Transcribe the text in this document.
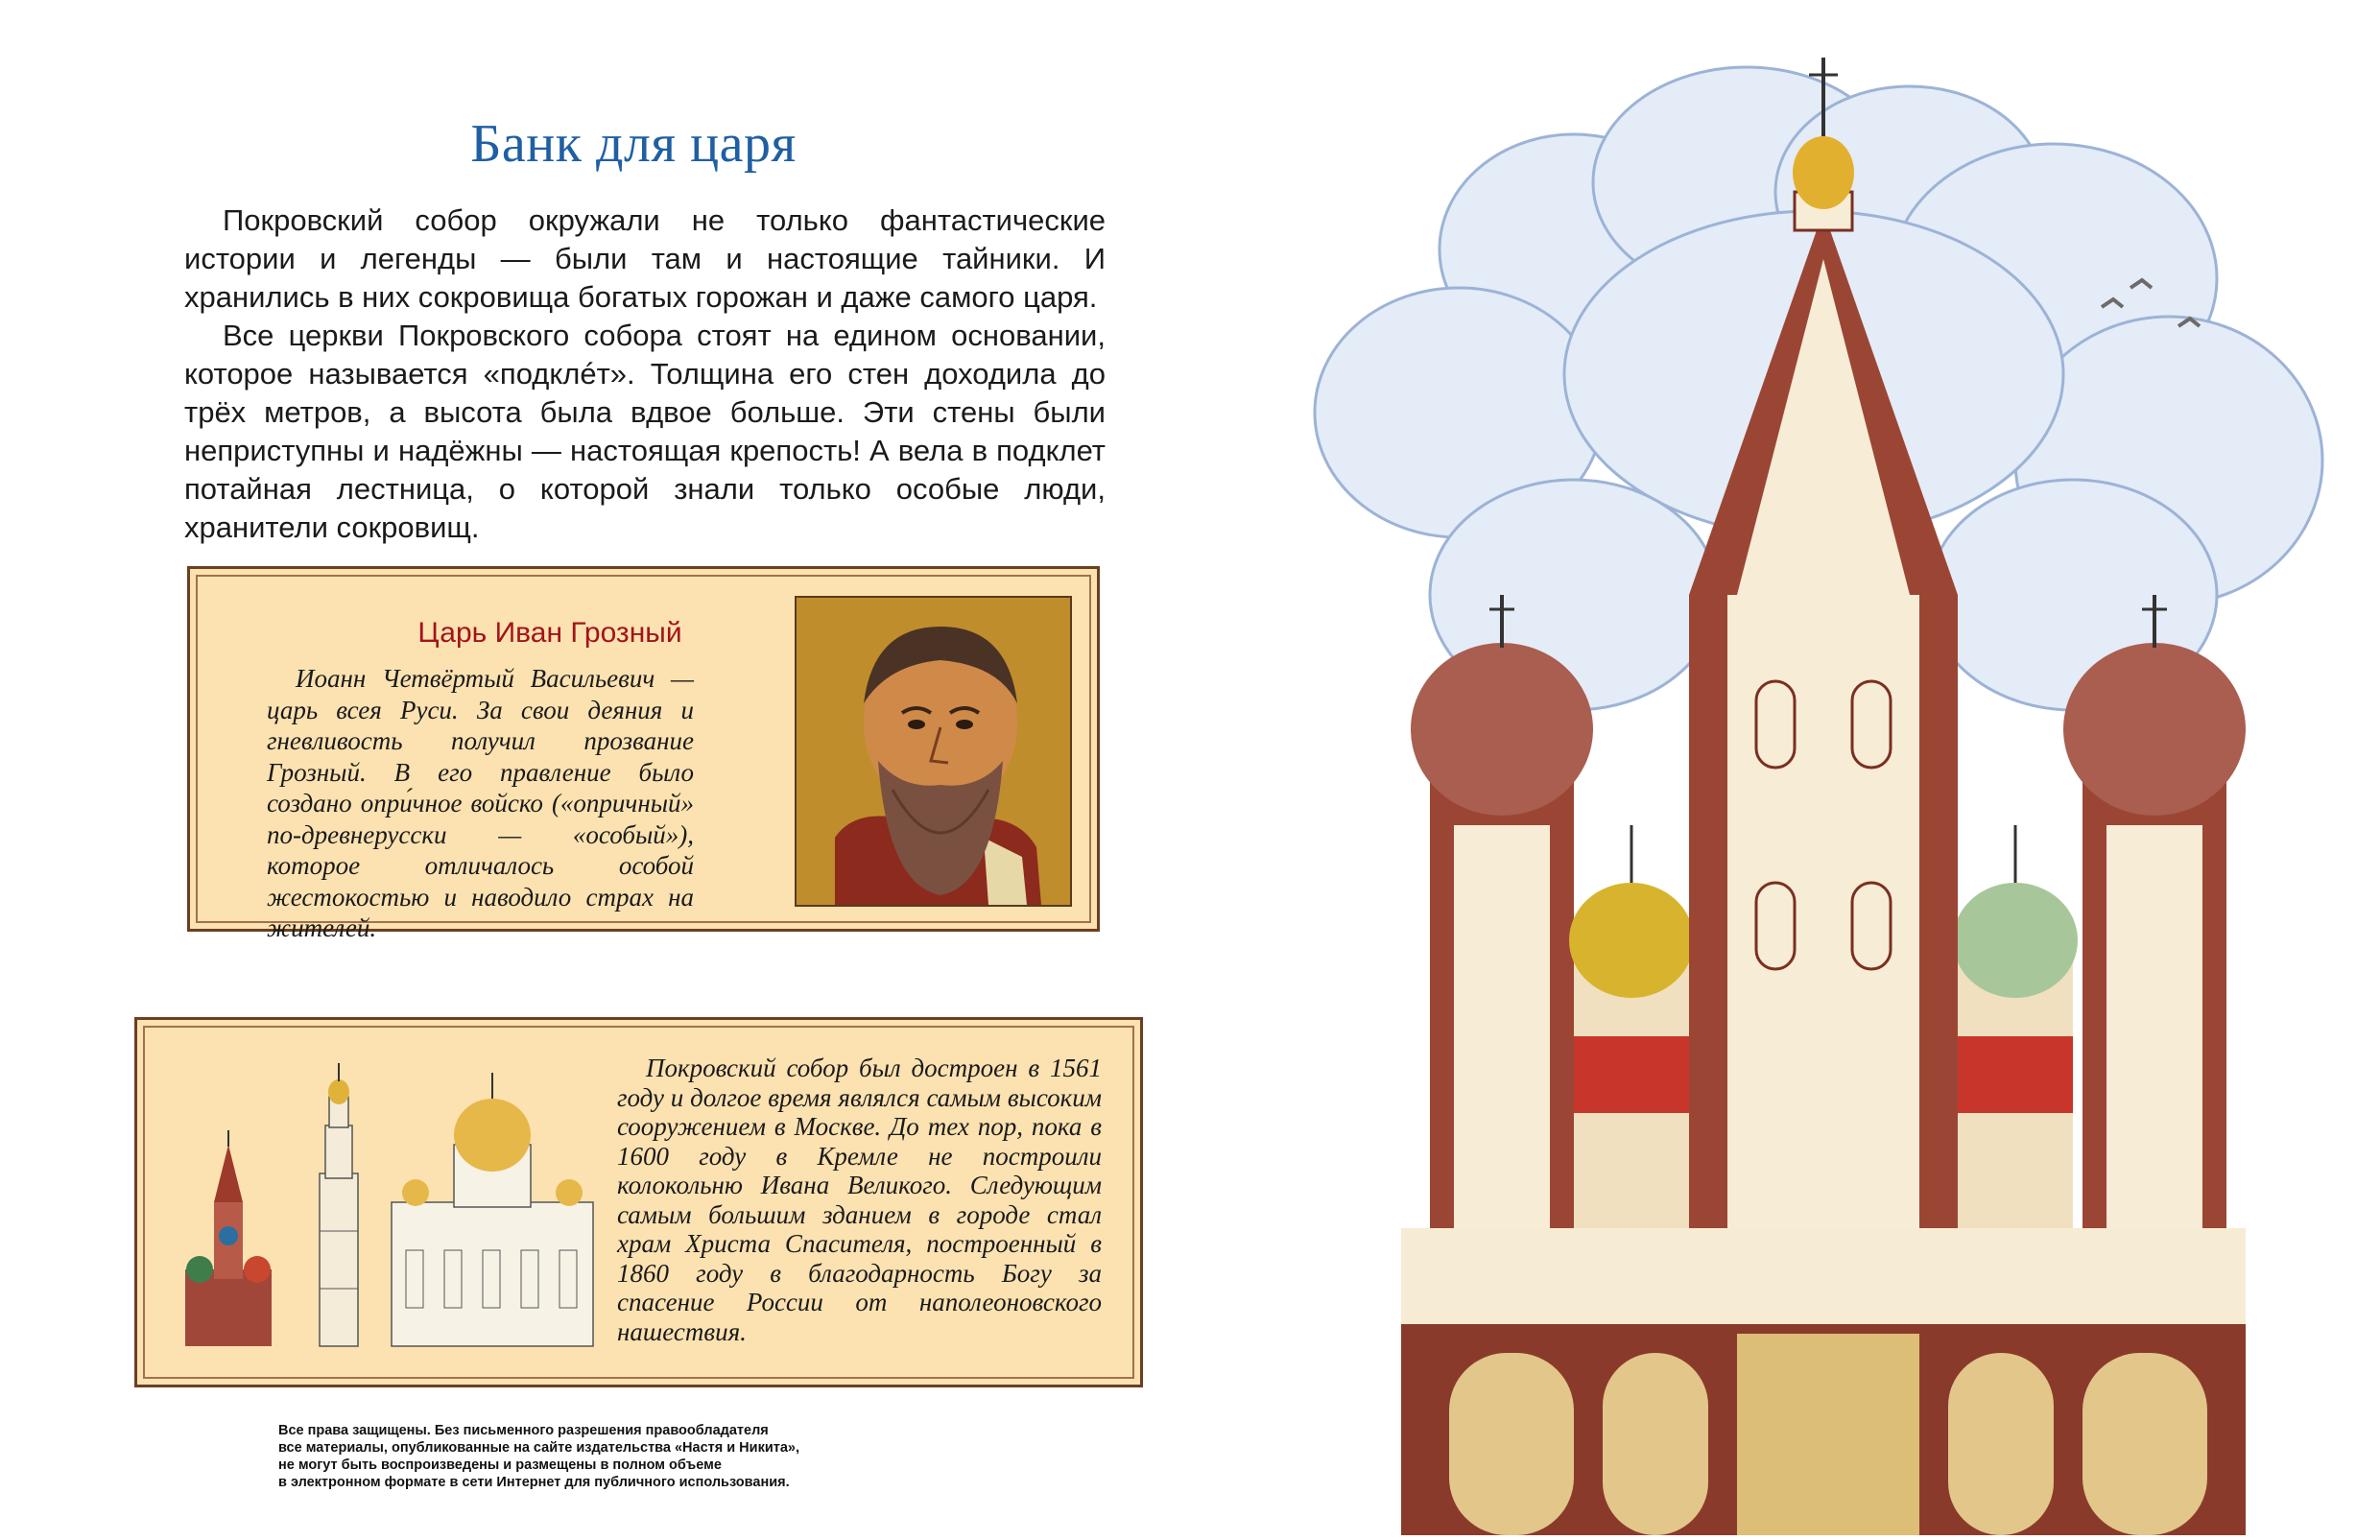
Банк для царя

Покровский собор окружали не только фантастические истории и легенды — были там и настоящие тайники. И хранились в них сокровища богатых горожан и даже самого царя.

Все церкви Покровского собора стоят на едином основании, которое называется «подклéт». Толщина его стен доходила до трёх метров, а высота была вдвое больше. Эти стены были неприступны и надёжны — настоящая крепость! А вела в подклет потайная лестница, о которой знали только особые люди, хранители сокровищ.

Царь Иван Грозный

Иоанн Четвёртый Васильевич — царь всея Руси. За свои деяния и гневливость получил прозвание Грозный. В его правление было создано опри́чное войско («опричный» по-древнерусски — «особый»), которое отличалось особой жестокостью и наводило страх на жителей.

Покровский собор был достроен в 1561 году и долгое время являлся самым высоким сооружением в Москве. До тех пор, пока в 1600 году в Кремле не построили колокольню Ивана Великого. Следующим самым большим зданием в городе стал храм Христа Спасителя, построенный в 1860 году в благодарность Богу за спасение России от наполеоновского нашествия.

Все права защищены. Без письменного разрешения правообладателя
все материалы, опубликованные на сайте издательства «Настя и Никита»,
не могут быть воспроизведены и размещены в полном объеме
в электронном формате в сети Интернет для публичного использования.
